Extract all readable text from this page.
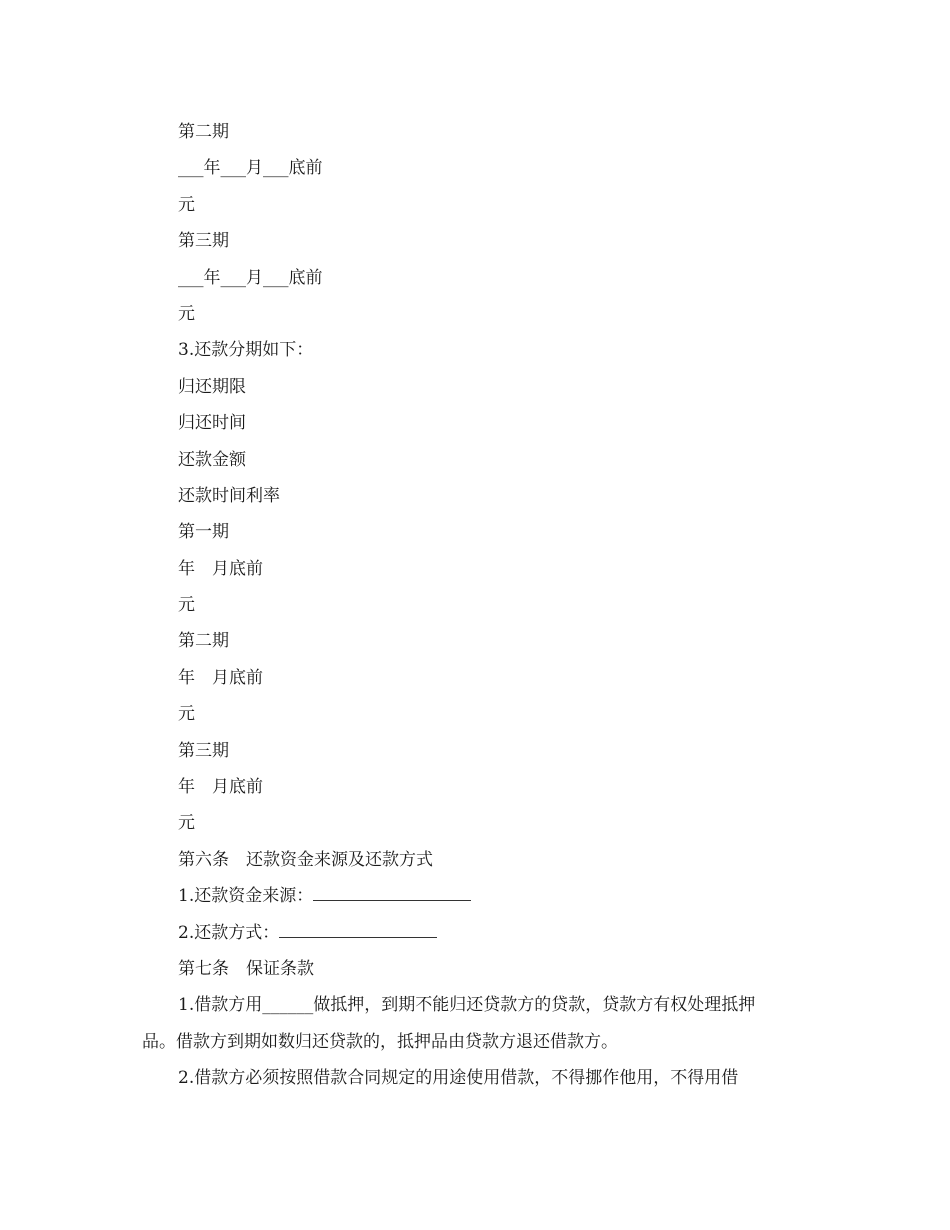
第二期
___年___月___底前
元
第三期
___年___月___底前
元
3.还款分期如下：
归还期限
归还时间
还款金额
还款时间利率
第一期
年　月底前
元
第二期
年　月底前
元
第三期
年　月底前
元
第六条　还款资金来源及还款方式
1.还款资金来源：
2.还款方式：
第七条　保证条款
1.借款方用______做抵押，到期不能归还贷款方的贷款，贷款方有权处理抵押品。借款方到期如数归还贷款的，抵押品由贷款方退还借款方。
2.借款方必须按照借款合同规定的用途使用借款，不得挪作他用，不得用借
